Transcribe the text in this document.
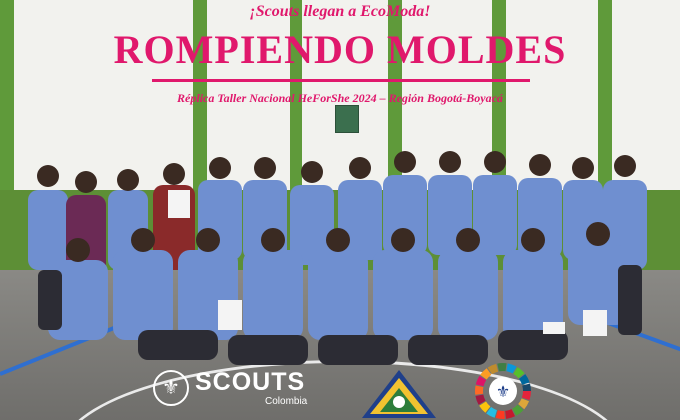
¡Scouts llegan a EcoModa!
ROMPIENDO MOLDES
Réplica Taller Nacional HeForShe 2024 – Región Bogotá-Boyacá
⚜ SCOUTS
Colombia
⚜
